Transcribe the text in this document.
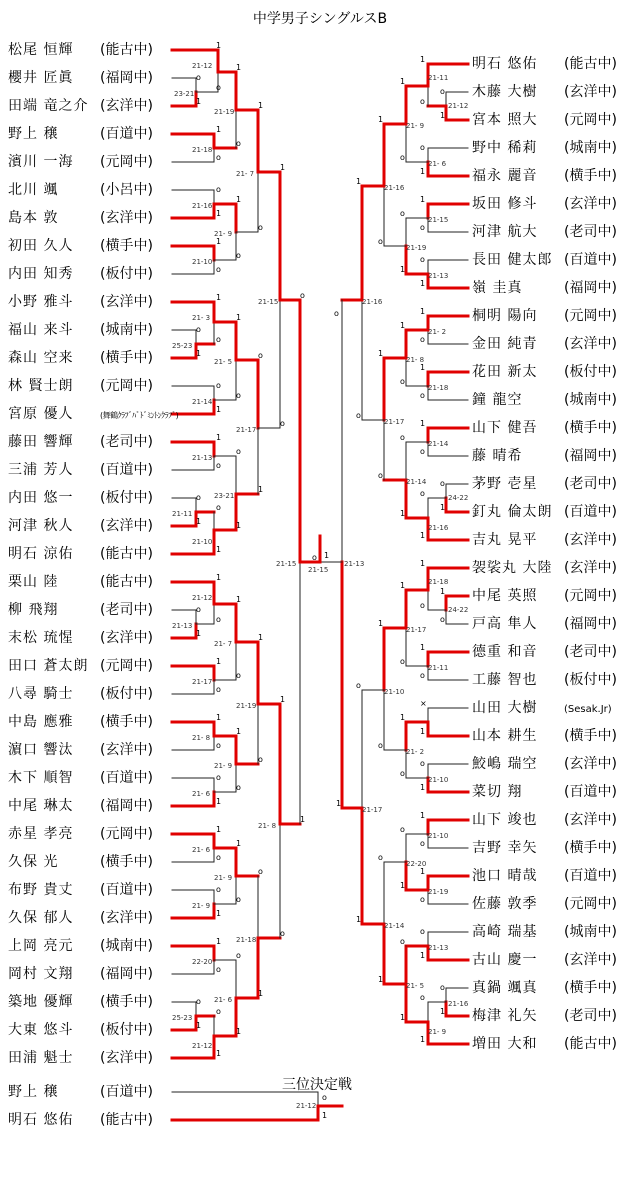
中学男子シングルスB
21-12
23-21
21-19
21-18
21- 7
21-16
21- 9
21-10
21-15
21- 3
25-23
21- 5
21-14
21-17
21-13
23-21
21-11
21-10
21-15
21-15
21-13
21-12
21-13
21- 7
21-17
21-19
21- 8
21- 9
21- 6
21- 8
21- 6
21- 9
21- 9
21-18
22-20
21- 6
25-23
21-12
21-11
21-12
21- 9
21- 6
21-16
21-15
21-19
21-13
21-16
21- 2
21- 8
21-18
21-17
21-14
21-14
24-22
21-16
21-18
24-22
21-17
21-11
21-10
21- 2
21-10
21-17
21-10
22-20
21-19
21-14
21-13
21- 5
21-16
21- 9
21-12
1
o
1
o
1
o
1
o
1
o
1
o
1
o
1
o
1
o
o
1
o
1
o
1
o
1
o
o
1
1
o
o
1
1
o
1
o
o 1
1
o
1
o
1
o
1
o
1
o
1
o
1
o
1
o
1
o
1
1
o
1
o
1
o
o
1
1
o
o
1
1
o
1
o
o
1
1
o
1
o
1
o
1
o
1
o
1
o
o
1
1
o
1
o
o	1
o
1
o
1
o
1
o
1
o
o
1
1
o
1
o
1
o
1
o
1
o
1
o
1
o
×
1
1
o
1
o
o
1
1
1
o
o
1
1
o
o
1
1
o
o
1
1
o
1
o
松尾 恒輝 (能古中)
櫻井 匠眞 (福岡中)
田端 竜之介 (玄洋中)
野上 穣	(百道中)
濱川 一海 (元岡中)
北川 颯	(小呂中)
島本 敦	(玄洋中)
初田 久人 (横手中)
内田 知秀 (板付中)
小野 雅斗 (玄洋中)
福山 来斗 (城南中)
森山 空来 (横手中)
林 賢士朗 (元岡中)
宮原 優人	(舞鶴ｸﾗﾌﾞﾊﾞﾄﾞﾐﾝﾄﾝｸﾗﾌﾞ)
藤田 響輝 (老司中)
三浦 芳人 (百道中)
内田 悠一 (板付中)
河津 秋人 (玄洋中)
明石 涼佑 (能古中)
栗山 陸	(能古中)
柳 飛翔	(老司中)
末松 琉惺 (玄洋中)
田口 蒼太朗 (元岡中)
八尋 騎士 (板付中)
中島 應雅 (横手中)
濵口 響汰 (玄洋中)
木下 順智 (百道中)
中尾 琳太 (福岡中)
赤星 孝亮 (元岡中)
久保 光	(横手中)
布野 貴丈 (百道中)
久保 郁人 (玄洋中)
上岡 亮元 (城南中)
岡村 文翔 (福岡中)
築地 優輝 (横手中)
大東 悠斗 (板付中)
田浦 魁士 (玄洋中)
明石 悠佑 (能古中)
木藤 大樹 (玄洋中)
宮本 照大 (元岡中)
野中 稀莉 (城南中)
福永 麗音 (横手中)
坂田 修斗 (玄洋中)
河津 航大 (老司中)
長田 健太郎 (百道中)
嶺 圭真	(福岡中)
桐明 陽向 (元岡中)
金田 純青 (玄洋中)
花田 新太 (板付中)
鐘 龍空	(城南中)
山下 健吾 (横手中)
藤 晴希	(福岡中)
茅野 壱星 (老司中)
釘丸 倫太朗 (百道中)
吉丸 晃平 (玄洋中)
袈裟丸 大陸 (玄洋中)
中尾 英照 (元岡中)
戸高 隼人 (福岡中)
德重 和音 (老司中)
工藤 智也 (板付中)
山田 大樹	(Sesak.Jr)
山本 耕生 (横手中)
鮫嶋 瑞空 (玄洋中)
菜切 翔	(百道中)
山下 竣也 (玄洋中)
吉野 幸矢 (横手中)
池口 晴哉 (百道中)
佐藤 敦季 (元岡中)
高崎 瑞基 (城南中)
古山 慶一 (玄洋中)
真鍋 颯真 (横手中)
梅津 礼矢 (老司中)
増田 大和 (能古中)
三位決定戦
野上 穣	(百道中)
明石 悠佑 (能古中)
